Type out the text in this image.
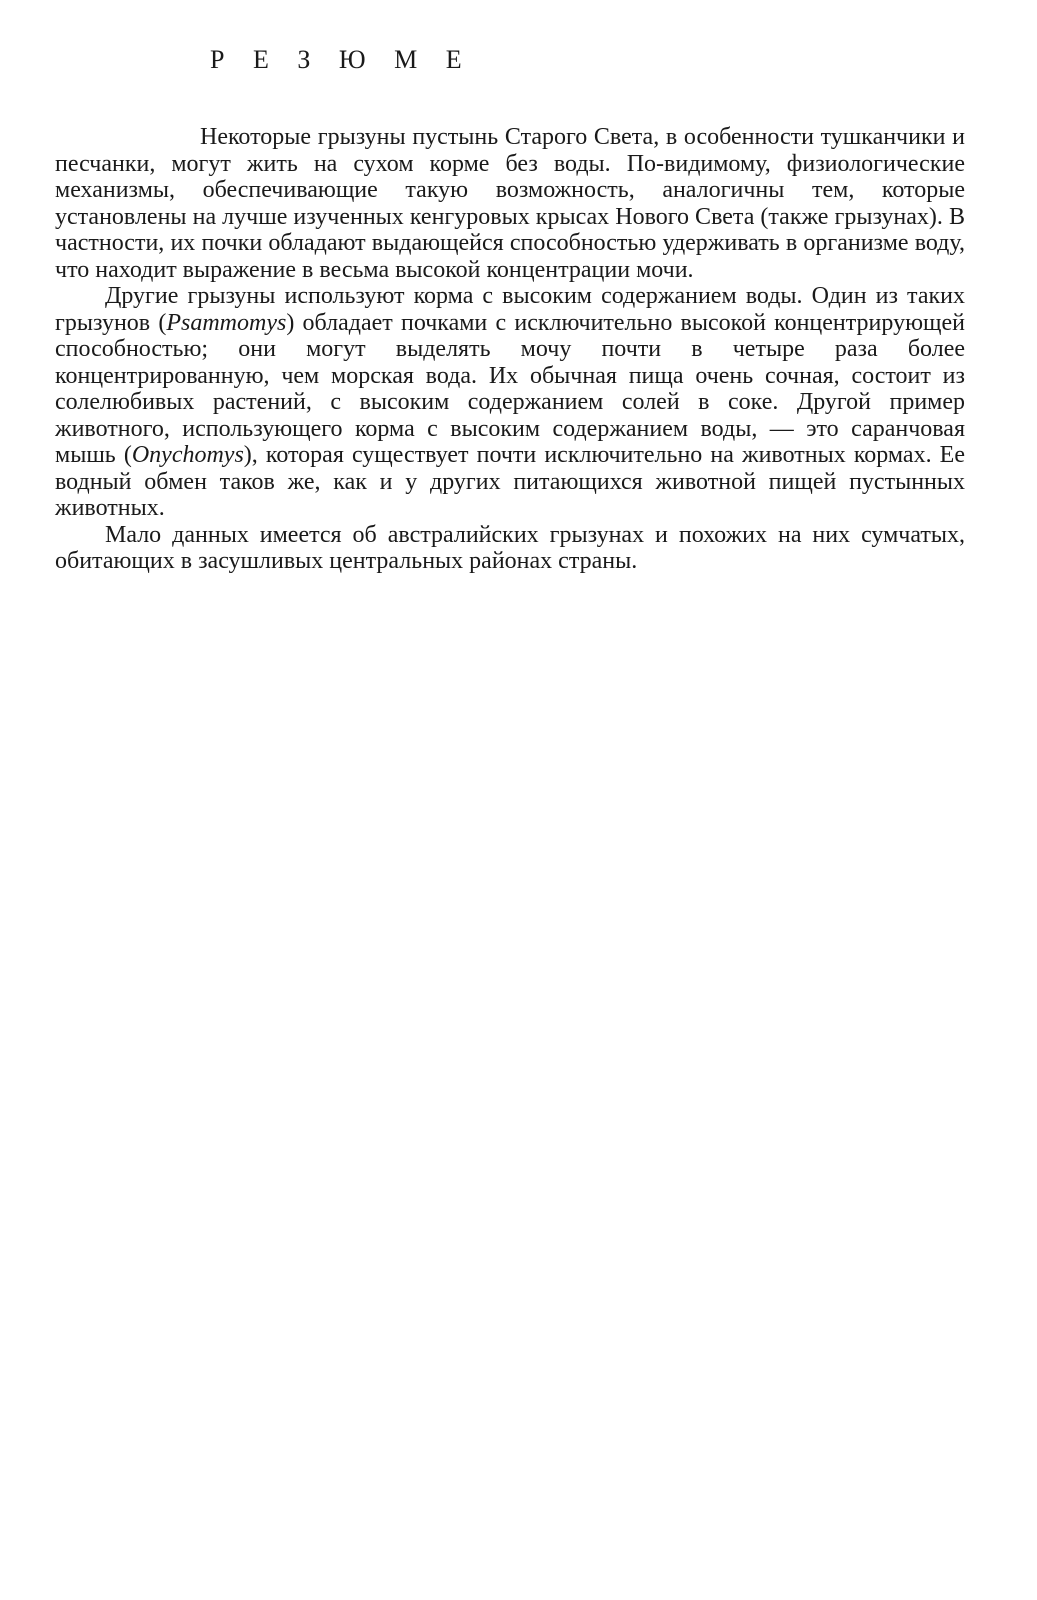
Р Е З Ю М Е

Некоторые грызуны пустынь Старого Света, в особенности тушканчики и песчанки, могут жить на сухом корме без воды. По-видимому, физиологические механизмы, обеспечивающие такую возможность, аналогичны тем, которые установлены на лучше изученных кенгуровых крысах Нового Света (также грызунах). В частности, их почки обладают выдающейся способностью удерживать в организме воду, что находит выражение в весьма высокой концентрации мочи.

Другие грызуны используют корма с высоким содержанием воды. Один из таких грызунов (Psammomys) обладает почками с исключительно высокой концентрирующей способностью; они могут выделять мочу почти в четыре раза более концентрированную, чем морская вода. Их обычная пища очень сочная, состоит из солелюбивых растений, с высоким содержанием солей в соке. Другой пример животного, использующего корма с высоким содержанием воды, — это саранчовая мышь (Onychomys), которая существует почти исключительно на животных кормах. Ее водный обмен таков же, как и у других питающихся животной пищей пустынных животных.

Мало данных имеется об австралийских грызунах и похожих на них сумчатых, обитающих в засушливых центральных районах страны.
